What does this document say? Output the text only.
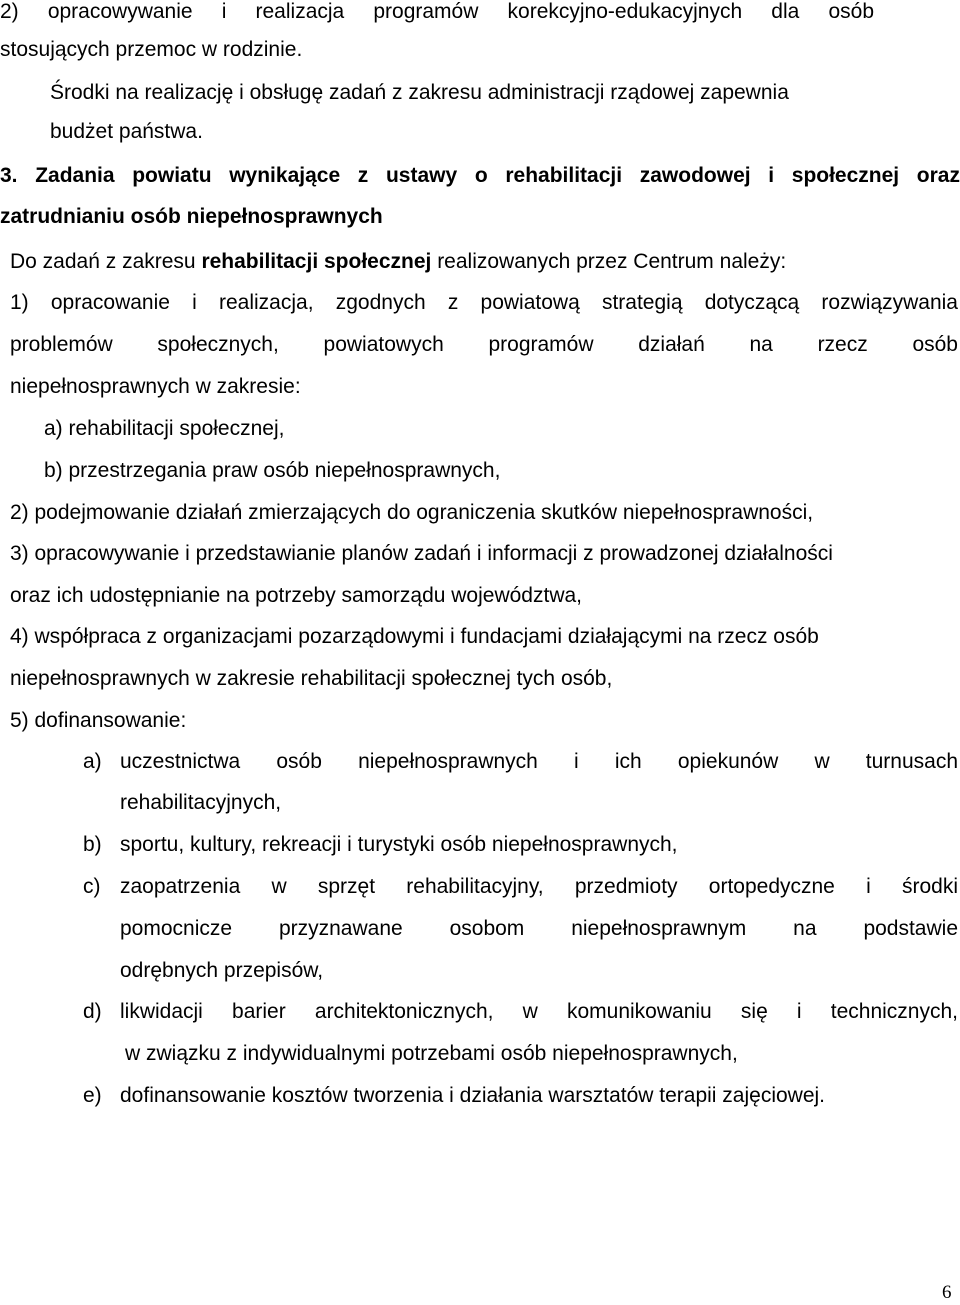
2) opracowywanie i realizacja programów korekcyjno-edukacyjnych dla osób
stosujących przemoc w rodzinie.
Środki na realizację i obsługę zadań z zakresu administracji rządowej zapewnia
budżet państwa.
3. Zadania powiatu wynikające z ustawy o rehabilitacji zawodowej i społecznej oraz
zatrudnianiu osób niepełnosprawnych
Do zadań z zakresu rehabilitacji społecznej realizowanych przez Centrum należy:
1) opracowanie i realizacja, zgodnych z powiatową strategią dotyczącą rozwiązywania
problemów społecznych, powiatowych programów działań na rzecz osób
niepełnosprawnych w zakresie:
a) rehabilitacji społecznej,
b) przestrzegania praw osób niepełnosprawnych,
2) podejmowanie działań zmierzających do ograniczenia skutków niepełnosprawności,
3) opracowywanie i przedstawianie planów zadań i informacji z prowadzonej działalności
oraz ich udostępnianie na potrzeby samorządu województwa,
4) współpraca z organizacjami pozarządowymi i fundacjami działającymi na rzecz osób
niepełnosprawnych w zakresie rehabilitacji społecznej tych osób,
5) dofinansowanie:
a) uczestnictwa osób niepełnosprawnych i ich opiekunów w turnusach
rehabilitacyjnych,
b) sportu, kultury, rekreacji i turystyki osób niepełnosprawnych,
c) zaopatrzenia w sprzęt rehabilitacyjny, przedmioty ortopedyczne i środki
pomocnicze przyznawane osobom niepełnosprawnym na podstawie
odrębnych przepisów,
d) likwidacji barier architektonicznych, w komunikowaniu się i technicznych,
w związku z indywidualnymi potrzebami osób niepełnosprawnych,
e) dofinansowanie kosztów tworzenia i działania warsztatów terapii zajęciowej.
6
